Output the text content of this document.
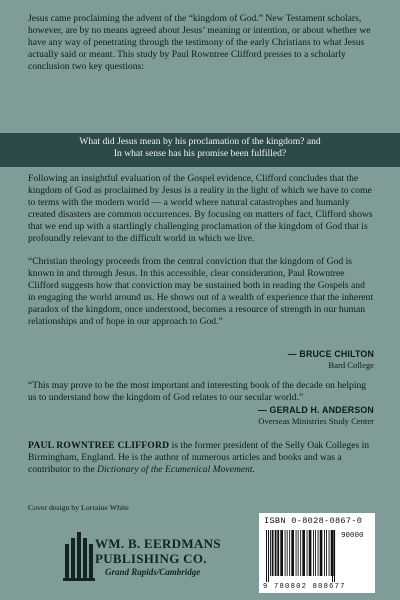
Jesus came proclaiming the advent of the “kingdom of God.” New Testament scholars, however, are by no means agreed about Jesus’ meaning or intention, or about whether we have any way of penetrating through the testimony of the early Christians to what Jesus actually said or meant. This study by Paul Rowntree Clifford presses to a scholarly conclusion two key questions:

What did Jesus mean by his proclamation of the kingdom? and
In what sense has his promise been fulfilled?

Following an insightful evaluation of the Gospel evidence, Clifford concludes that the kingdom of God as proclaimed by Jesus is a reality in the light of which we have to come to terms with the modern world — a world where natural catastrophes and humanly created disasters are common occurrences. By focusing on matters of fact, Clifford shows that we end up with a startlingly challenging proclamation of the kingdom of God that is profoundly relevant to the difficult world in which we live.

“Christian theology proceeds from the central conviction that the kingdom of God is known in and through Jesus. In this accessible, clear consideration, Paul Rowntree Clifford suggests how that conviction may be sustained both in reading the Gospels and in engaging the world around us. He shows out of a wealth of experience that the inherent paradox of the kingdom, once understood, becomes a resource of strength in our human relationships and of hope in our approach to God.”

— BRUCE CHILTON
Bard College

“This may prove to be the most important and interesting book of the decade on helping us to understand how the kingdom of God relates to our secular world.”

— GERALD H. ANDERSON
Overseas Ministries Study Center

PAUL ROWNTREE CLIFFORD is the former president of the Selly Oak Colleges in Birmingham, England. He is the author of numerous articles and books and was a contributor to the Dictionary of the Ecumenical Movement.

Cover design by Lorraine White
WM. B. EERDMANS
PUBLISHING CO.
Grand Rapids/Cambridge
ISBN 0-8028-0867-0
90000
9 780802 808677
